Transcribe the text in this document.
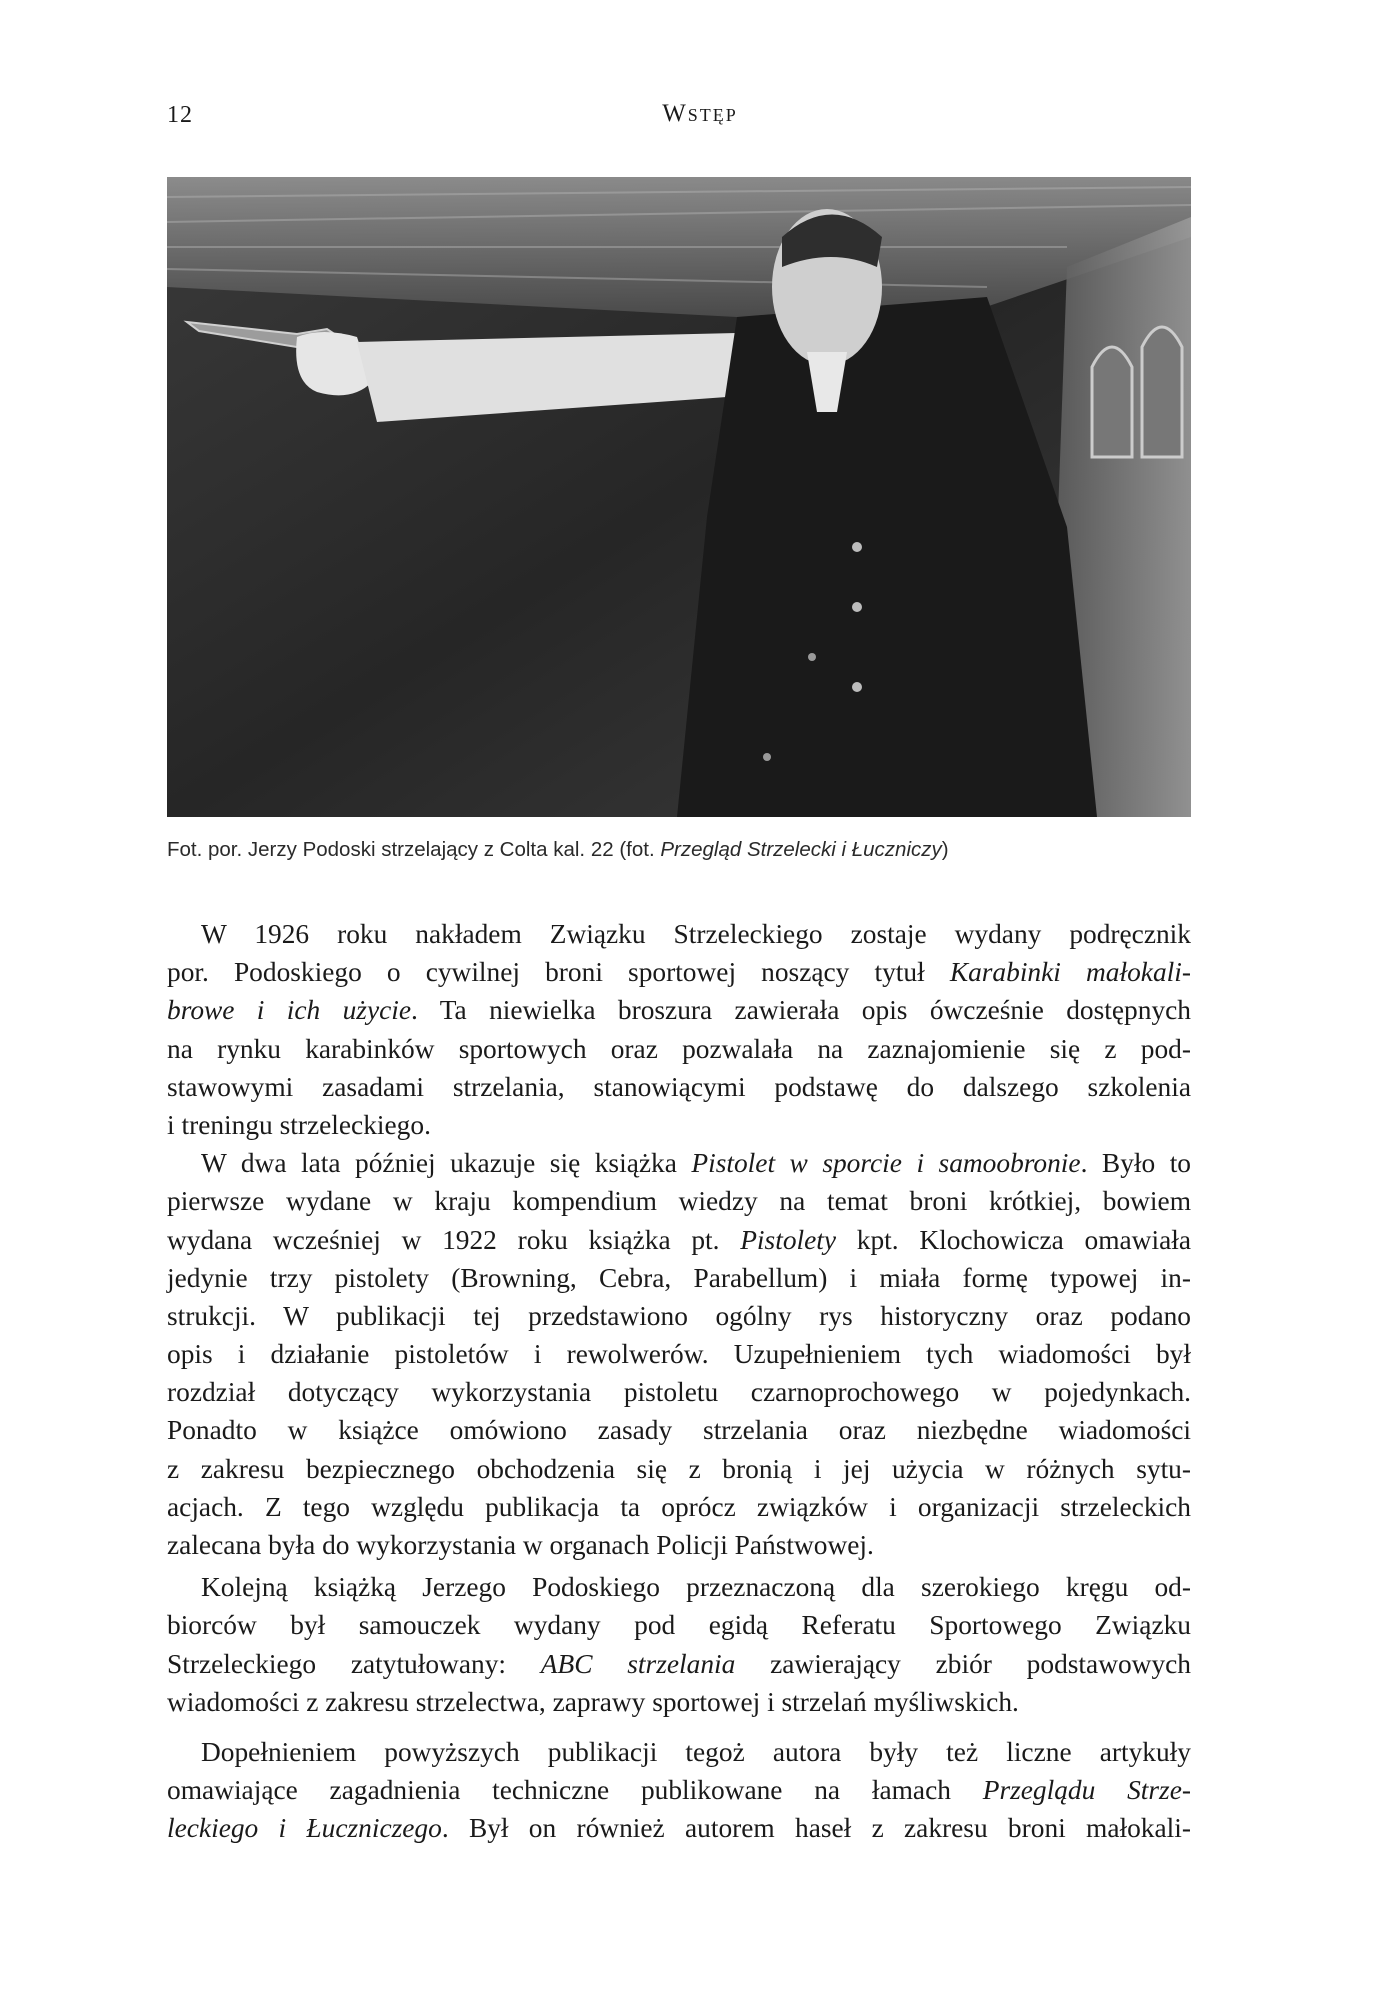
12	Wstęp
Fot. por. Jerzy Podoski strzelający z Colta kal. 22 (fot. Przegląd Strzelecki i Łuczniczy)
W 1926 roku nakładem Związku Strzeleckiego zostaje wydany podręcznik
por. Podoskiego o cywilnej broni sportowej noszący tytuł Karabinki małokali-
browe i ich użycie. Ta niewielka broszura zawierała opis ówcześnie dostępnych
na rynku karabinków sportowych oraz pozwalała na zaznajomienie się z pod-
stawowymi zasadami strzelania, stanowiącymi podstawę do dalszego szkolenia
i treningu strzeleckiego.
W dwa lata później ukazuje się książka Pistolet w sporcie i samoobronie. Było to
pierwsze wydane w kraju kompendium wiedzy na temat broni krótkiej, bowiem
wydana wcześniej w 1922 roku książka pt. Pistolety kpt. Klochowicza omawiała
jedynie trzy pistolety (Browning, Cebra, Parabellum) i miała formę typowej in-
strukcji. W publikacji tej przedstawiono ogólny rys historyczny oraz podano
opis i działanie pistoletów i rewolwerów. Uzupełnieniem tych wiadomości był
rozdział dotyczący wykorzystania pistoletu czarnoprochowego w pojedynkach.
Ponadto w książce omówiono zasady strzelania oraz niezbędne wiadomości
z zakresu bezpiecznego obchodzenia się z bronią i jej użycia w różnych sytu-
acjach. Z tego względu publikacja ta oprócz związków i organizacji strzeleckich
zalecana była do wykorzystania w organach Policji Państwowej.
Kolejną książką Jerzego Podoskiego przeznaczoną dla szerokiego kręgu od-
biorców był samouczek wydany pod egidą Referatu Sportowego Związku
Strzeleckiego zatytułowany: ABC strzelania zawierający zbiór podstawowych
wiadomości z zakresu strzelectwa, zaprawy sportowej i strzelań myśliwskich.
Dopełnieniem powyższych publikacji tegoż autora były też liczne artykuły
omawiające zagadnienia techniczne publikowane na łamach Przeglądu Strze-
leckiego i Łuczniczego. Był on również autorem haseł z zakresu broni małokali-
